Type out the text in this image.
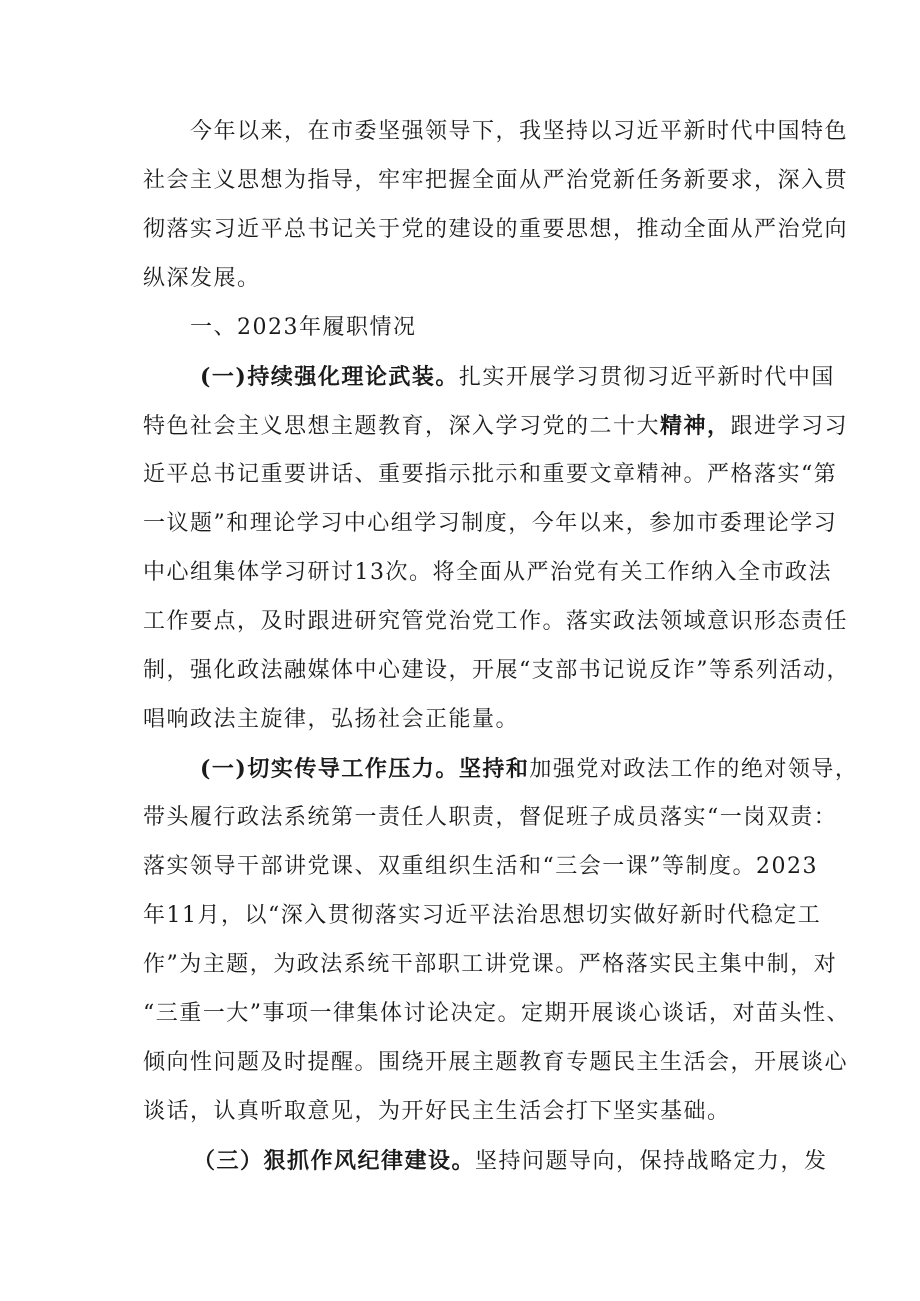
今年以来，在市委坚强领导下，我坚持以习近平新时代中国特色
社会主义思想为指导，牢牢把握全面从严治党新任务新要求，深入贯
彻落实习近平总书记关于党的建设的重要思想，推动全面从严治党向
纵深发展。
一、2023年履职情况
(一)持续强化理论武装。扎实开展学习贯彻习近平新时代中国
特色社会主义思想主题教育，深入学习党的二十大精神，跟进学习习
近平总书记重要讲话、重要指示批示和重要文章精神。严格落实“第
一议题”和理论学习中心组学习制度，今年以来，参加市委理论学习
中心组集体学习研讨13次。将全面从严治党有关工作纳入全市政法
工作要点，及时跟进研究管党治党工作。落实政法领域意识形态责任
制，强化政法融媒体中心建设，开展“支部书记说反诈”等系列活动，
唱响政法主旋律，弘扬社会正能量。
(一)切实传导工作压力。坚持和加强党对政法工作的绝对领导，
带头履行政法系统第一责任人职责，督促班子成员落实“一岗双责：
落实领导干部讲党课、双重组织生活和“三会一课”等制度。2023
年11月，以“深入贯彻落实习近平法治思想切实做好新时代稳定工
作”为主题，为政法系统干部职工讲党课。严格落实民主集中制，对
“三重一大”事项一律集体讨论决定。定期开展谈心谈话，对苗头性、
倾向性问题及时提醒。围绕开展主题教育专题民主生活会，开展谈心
谈话，认真听取意见，为开好民主生活会打下坚实基础。
（三）狠抓作风纪律建设。坚持问题导向，保持战略定力，发
